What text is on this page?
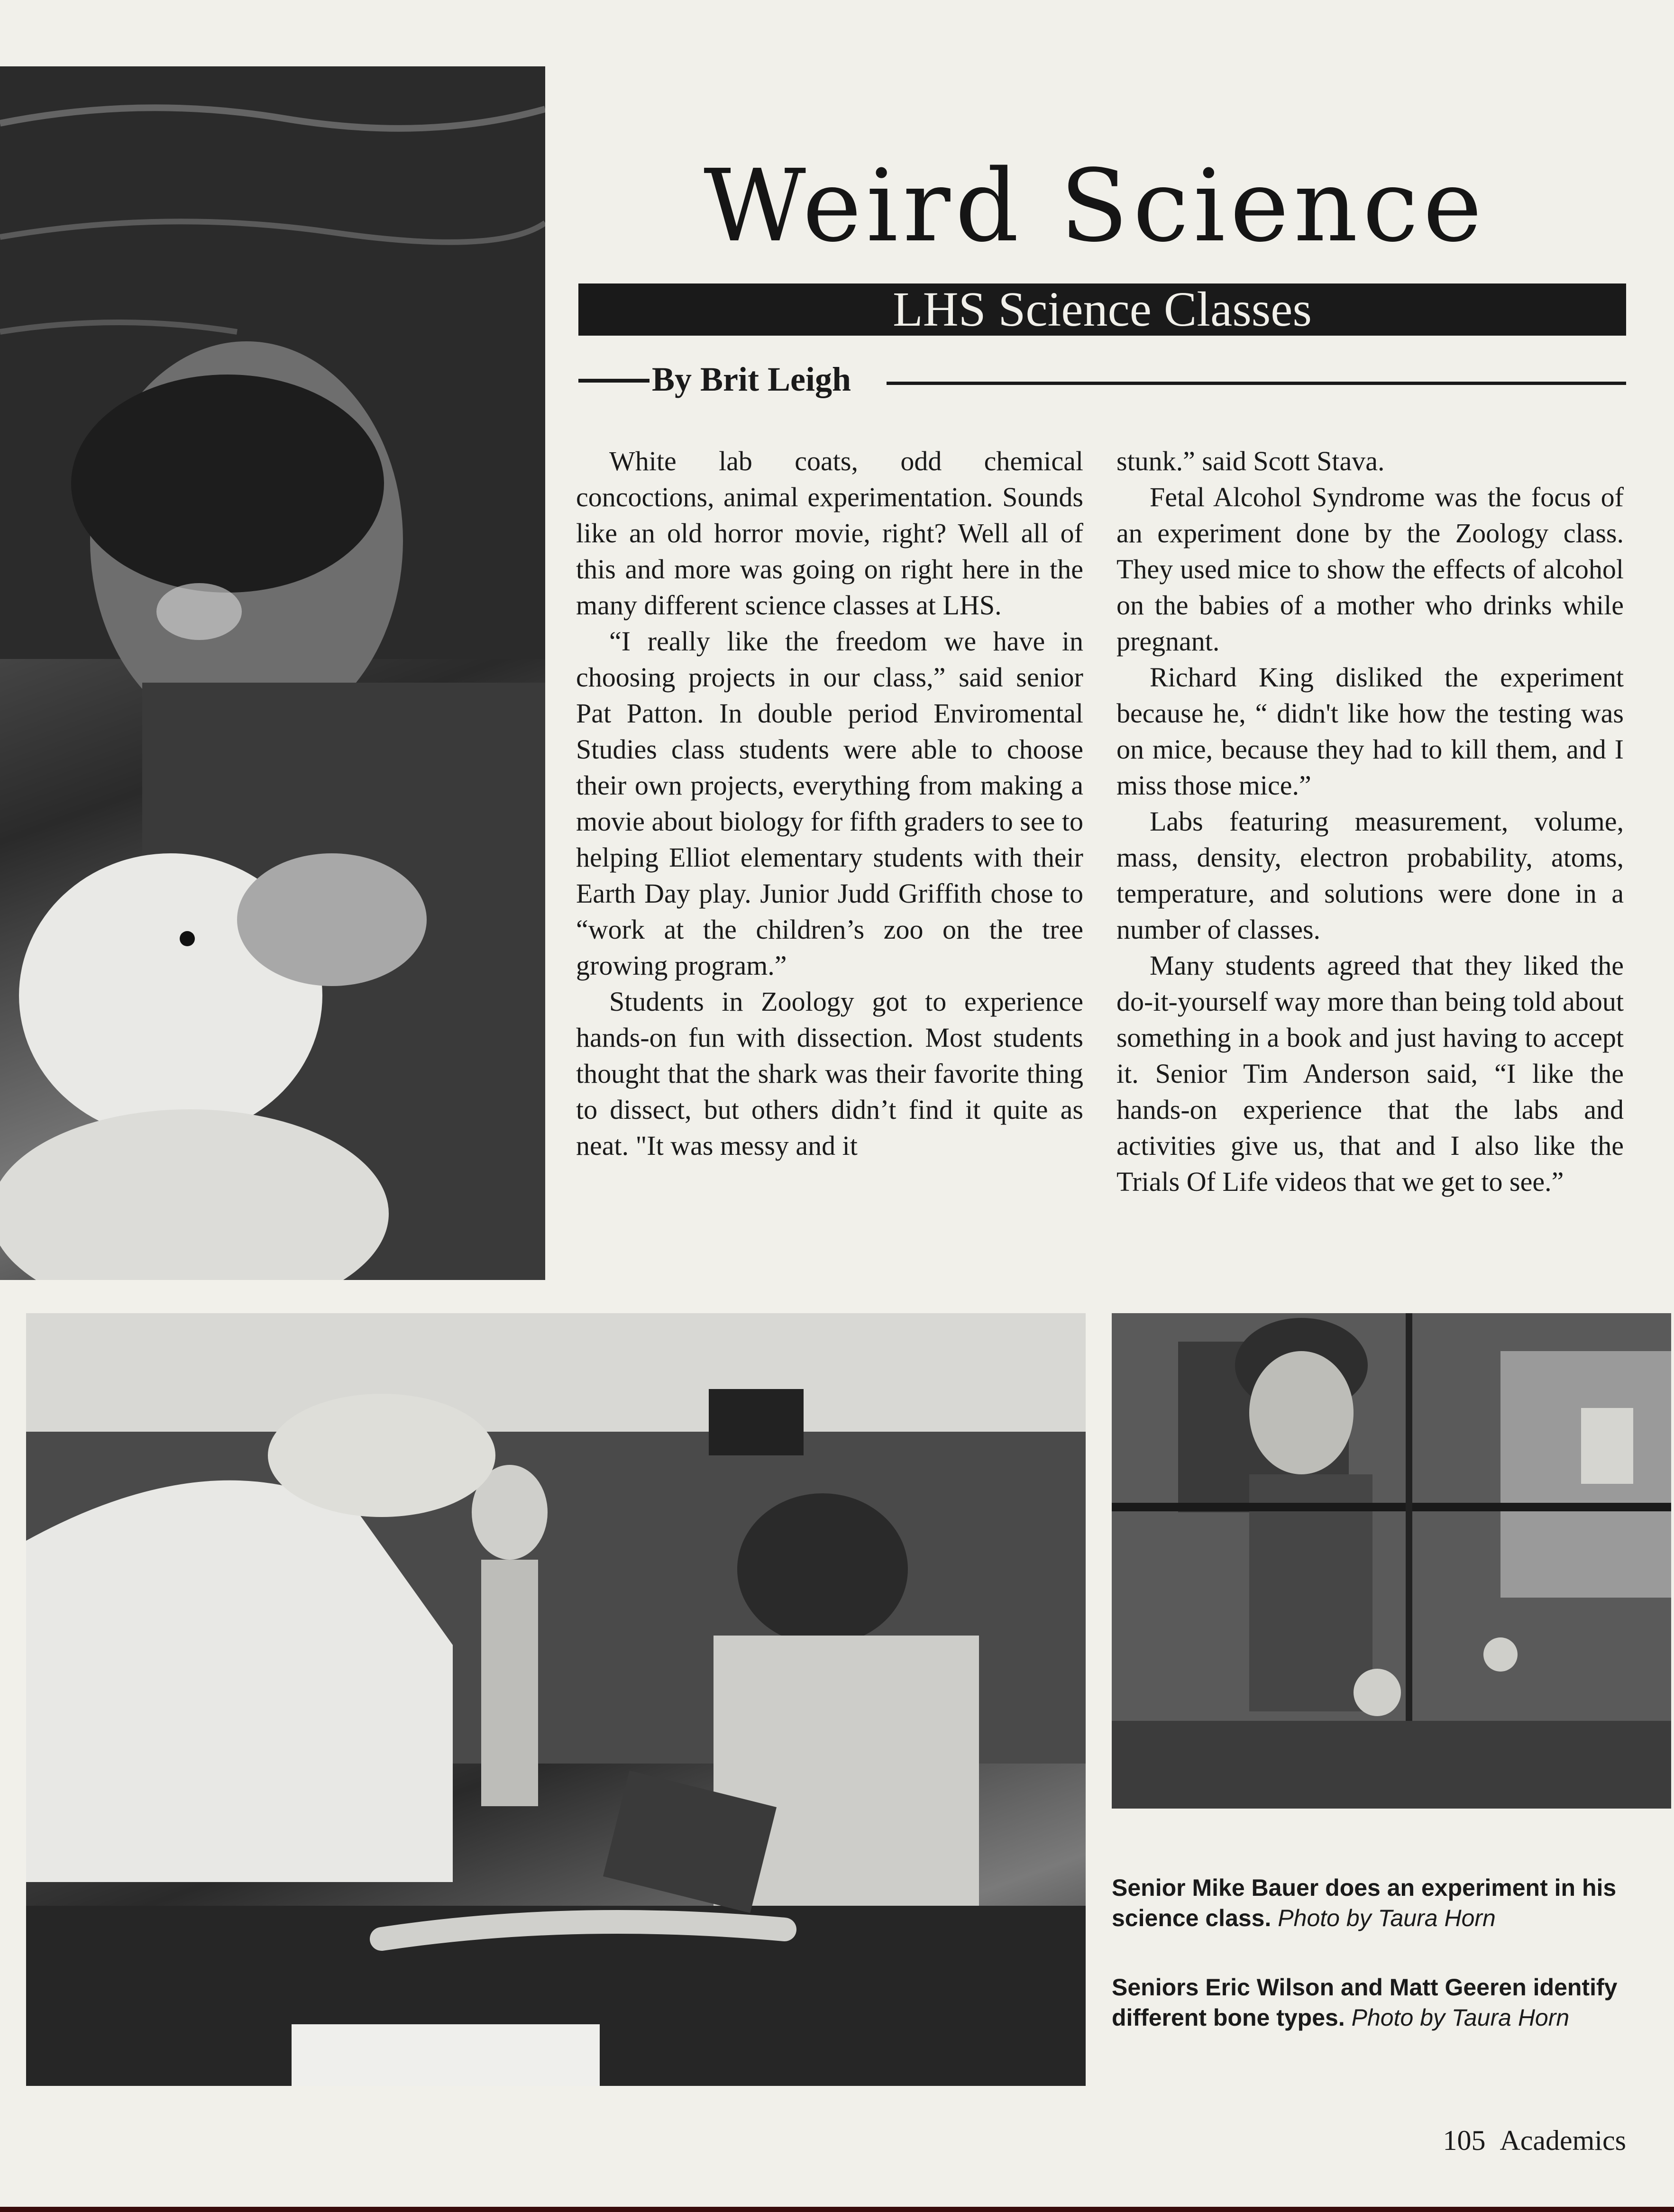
Weird Science
LHS Science Classes
By Brit Leigh

White lab coats, odd chemical concoctions, animal experimentation. Sounds like an old horror movie, right? Well all of this and more was going on right here in the many different science classes at LHS.

“I really like the freedom we have in choosing projects in our class,” said senior Pat Patton. In double period Enviromental Studies class students were able to choose their own projects, everything from making a movie about biology for fifth graders to see to helping Elliot elementary students with their Earth Day play. Junior Judd Griffith chose to “work at the children’s zoo on the tree growing program.”

Students in Zoology got to experience hands-on fun with dissection. Most students thought that the shark was their favorite thing to dissect, but others didn’t find it quite as neat. "It was messy and it

stunk.” said Scott Stava.

Fetal Alcohol Syndrome was the focus of an experiment done by the Zoology class. They used mice to show the effects of alcohol on the babies of a mother who drinks while pregnant.

Richard King disliked the experiment because he, “ didn't like how the testing was on mice, because they had to kill them, and I miss those mice.”

Labs featuring measurement, volume, mass, density, electron probability, atoms, temperature, and solutions were done in a number of classes.

Many students agreed that they liked the do-it-yourself way more than being told about something in a book and just having to accept it. Senior Tim Anderson said, “I like the hands-on experience that the labs and activities give us, that and I also like the Trials Of Life videos that we get to see.”

Senior Mike Bauer does an experiment in his science class. Photo by Taura Horn
Seniors Eric Wilson and Matt Geeren identify different bone types. Photo by Taura Horn
105 Academics
